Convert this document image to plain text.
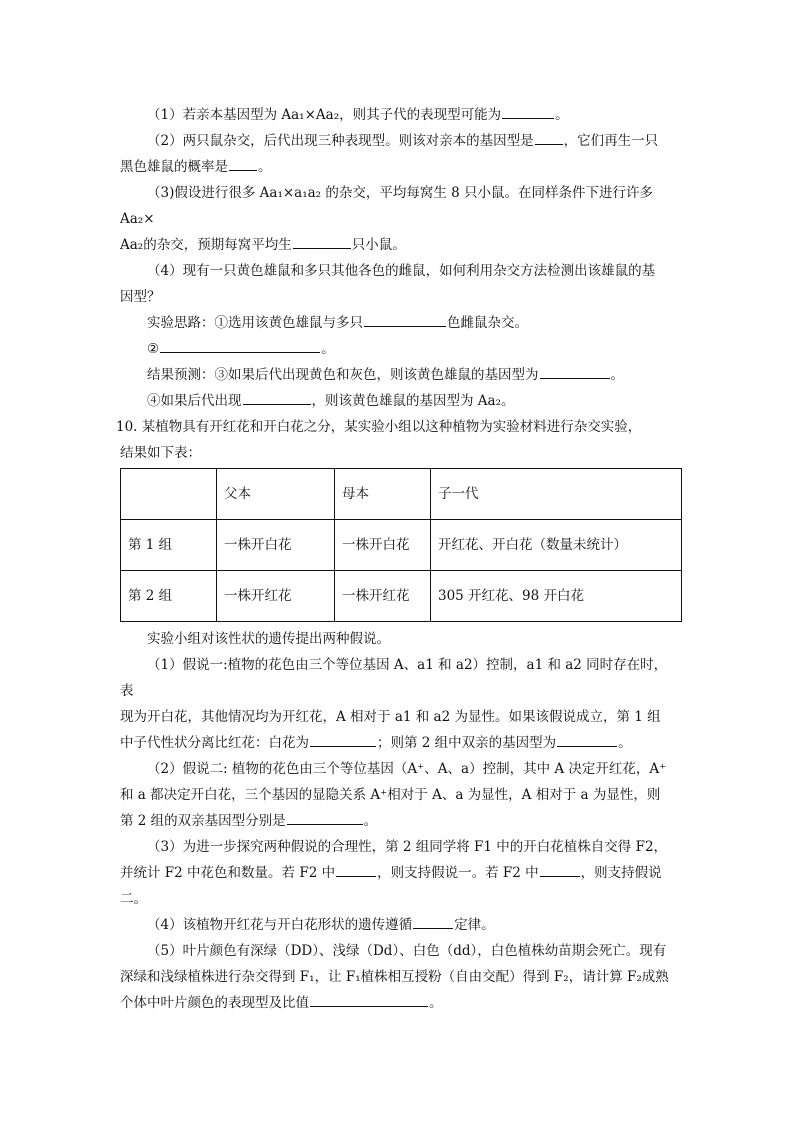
（1）若亲本基因型为 Aa₁×Aa₂，则其子代的表现型可能为	。

（2）两只鼠杂交，后代出现三种表现型。则该对亲本的基因型是 ，它们再生一只

黑色雄鼠的概率是 。

（3)假设进行很多 Aa₁×a₁a₂ 的杂交，平均每窝生 8 只小鼠。在同样条件下进行许多 Aa₂×

Aa₂的杂交，预期每窝平均生	只小鼠。

（4）现有一只黄色雄鼠和多只其他各色的雌鼠，如何利用杂交方法检测出该雄鼠的基

因型？

实验思路：①选用该黄色雄鼠与多只	色雌鼠杂交。

②	。

结果预测：③如果后代出现黄色和灰色，则该黄色雄鼠的基因型为	。

④如果后代出现	，则该黄色雄鼠的基因型为 Aa₂。

10. 某植物具有开红花和开白花之分，某实验小组以这种植物为实验材料进行杂交实验，

结果如下表：

	父本	母本	子一代
第 1 组	一株开白花	一株开白花	开红花、开白花（数量未统计）
第 2 组	一株开红花	一株开红花	305 开红花、98 开白花

实验小组对该性状的遗传提出两种假说。

（1）假说一:植物的花色由三个等位基因 A、a1 和 a2）控制，a1 和 a2 同时存在时，表

现为开白花，其他情况均为开红花，A 相对于 a1 和 a2 为显性。如果该假说成立，第 1 组

中子代性状分离比红花：白花为	；则第 2 组中双亲的基因型为	。

（2）假说二: 植物的花色由三个等位基因（A⁺、A、a）控制，其中 A 决定开红花，A⁺

和 a 都决定开白花，三个基因的显隐关系 A⁺相对于 A、a 为显性，A 相对于 a 为显性，则

第 2 组的双亲基因型分别是	。

（3）为进一步探究两种假说的合理性，第 2 组同学将 F1 中的开白花植株自交得 F2，

并统计 F2 中花色和数量。若 F2 中	，则支持假说一。若 F2 中	，则支持假说二。

（4）该植物开红花与开白花形状的遗传遵循	定律。

（5）叶片颜色有深绿（DD）、浅绿（Dd）、白色（dd），白色植株幼苗期会死亡。现有

深绿和浅绿植株进行杂交得到 F₁，让 F₁植株相互授粉（自由交配）得到 F₂，请计算 F₂成熟

个体中叶片颜色的表现型及比值	。
